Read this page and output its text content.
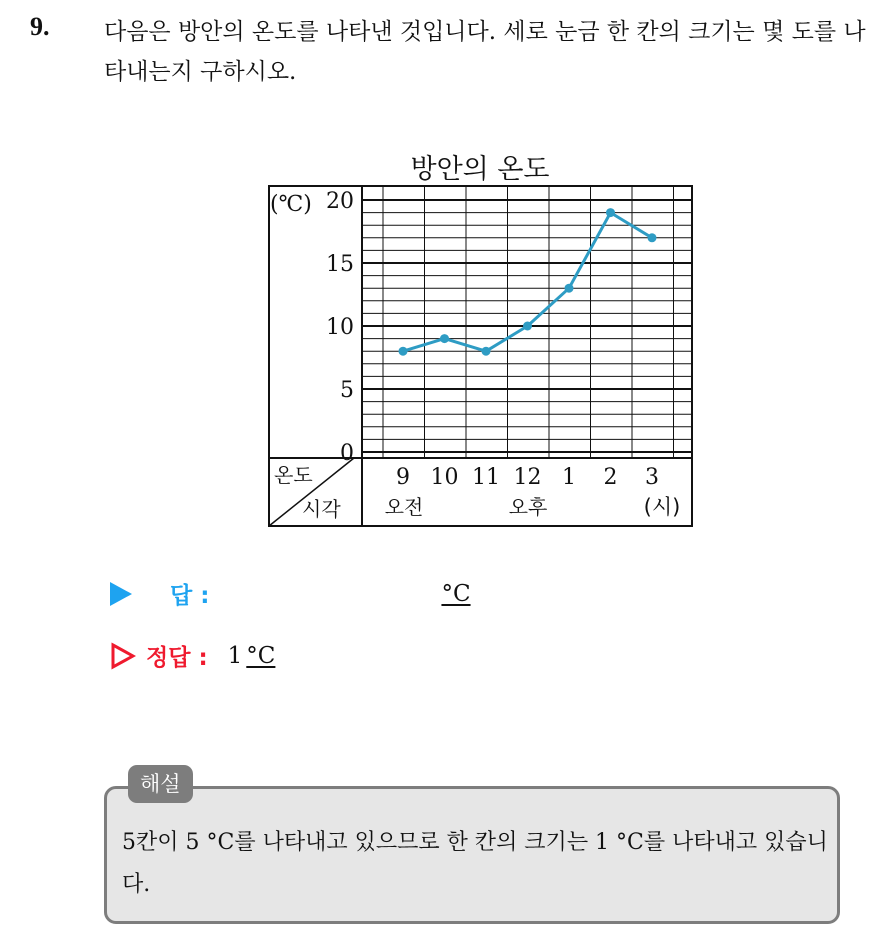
9. 다음은 방안의 온도를 나타낸 것입니다. 세로 눈금 한 칸의 크기는 몇 도를 나타내는지 구하시오.
방안의 온도
(℃)
0
5
10
15
20
온도
시각
9 10 11 12 1 2 3
오전	오후	(시)
답 :	°C
정답 : 1 °C
해설
5칸이 5 °C를 나타내고 있으므로 한 칸의 크기는 1 °C를 나타내고 있습니다.
